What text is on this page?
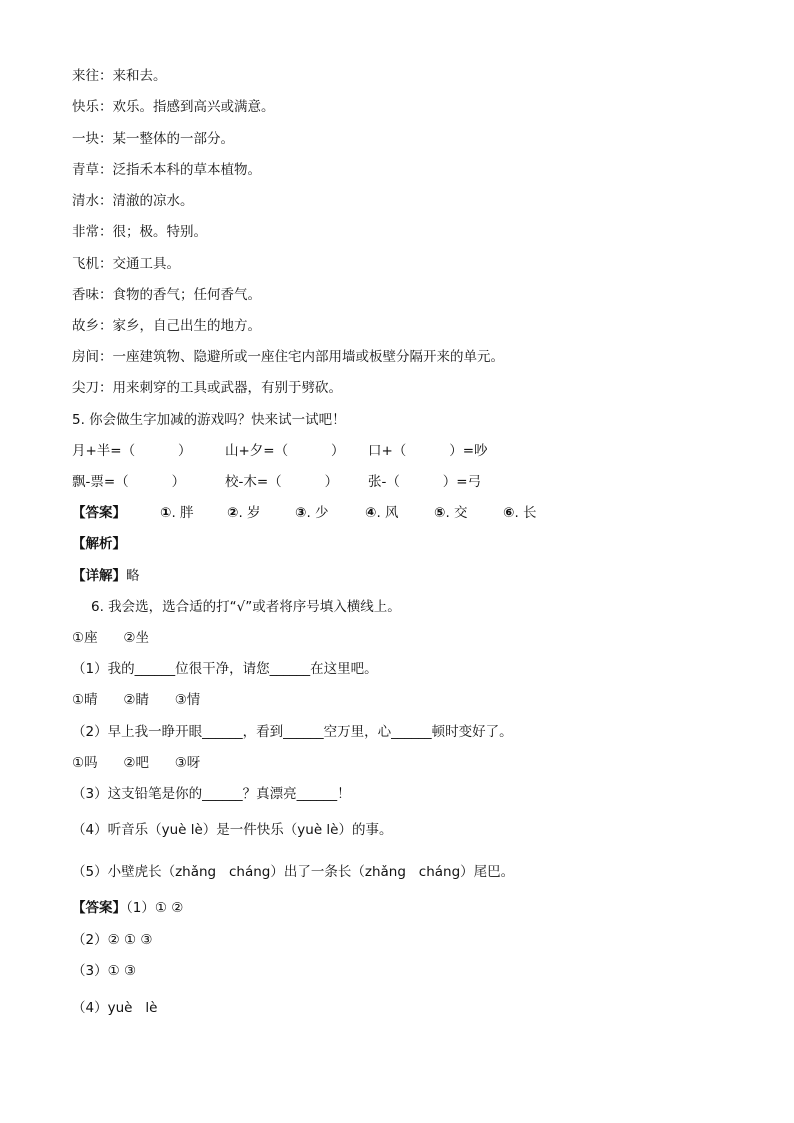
来往：来和去。
快乐：欢乐。指感到高兴或满意。
一块：某一整体的一部分。
青草：泛指禾本科的草本植物。
清水：清澈的凉水。
非常：很；极。特别。
飞机：交通工具。
香味：食物的香气；任何香气。
故乡：家乡，自己出生的地方。
房间：一座建筑物、隐避所或一座住宅内部用墙或板壁分隔开来的单元。
尖刀：用来刺穿的工具或武器，有别于劈砍。
5. 你会做生字加减的游戏吗？快来试一试吧！

月+半=（          ）

山+夕=（          ）

口+（          ）=吵

飘-票=（          ）

	校-木=（          ）

张-（          ）=弓

【答案】

	①. 胖

②. 岁

	③. 少

	④. 风

	⑤. 交

	⑥. 长

【解析】
【详解】略
6. 我会选，选合适的打“√”或者将序号填入横线上。
①座      ②坐
（1）我的______位很干净，请您______在这里吧。
①晴      ②睛      ③情
（2）早上我一睁开眼______，看到______空万里，心______顿时变好了。
①吗      ②吧      ③呀
（3）这支铅笔是你的______？真漂亮______！
（4）听音乐（yuè lè）是一件快乐（yuè lè）的事。
（5）小壁虎长（zhǎng   cháng）出了一条长（zhǎng   cháng）尾巴。
【答案】（1）① ②
（2）② ① ③
（3）① ③
（4）yuè   lè
